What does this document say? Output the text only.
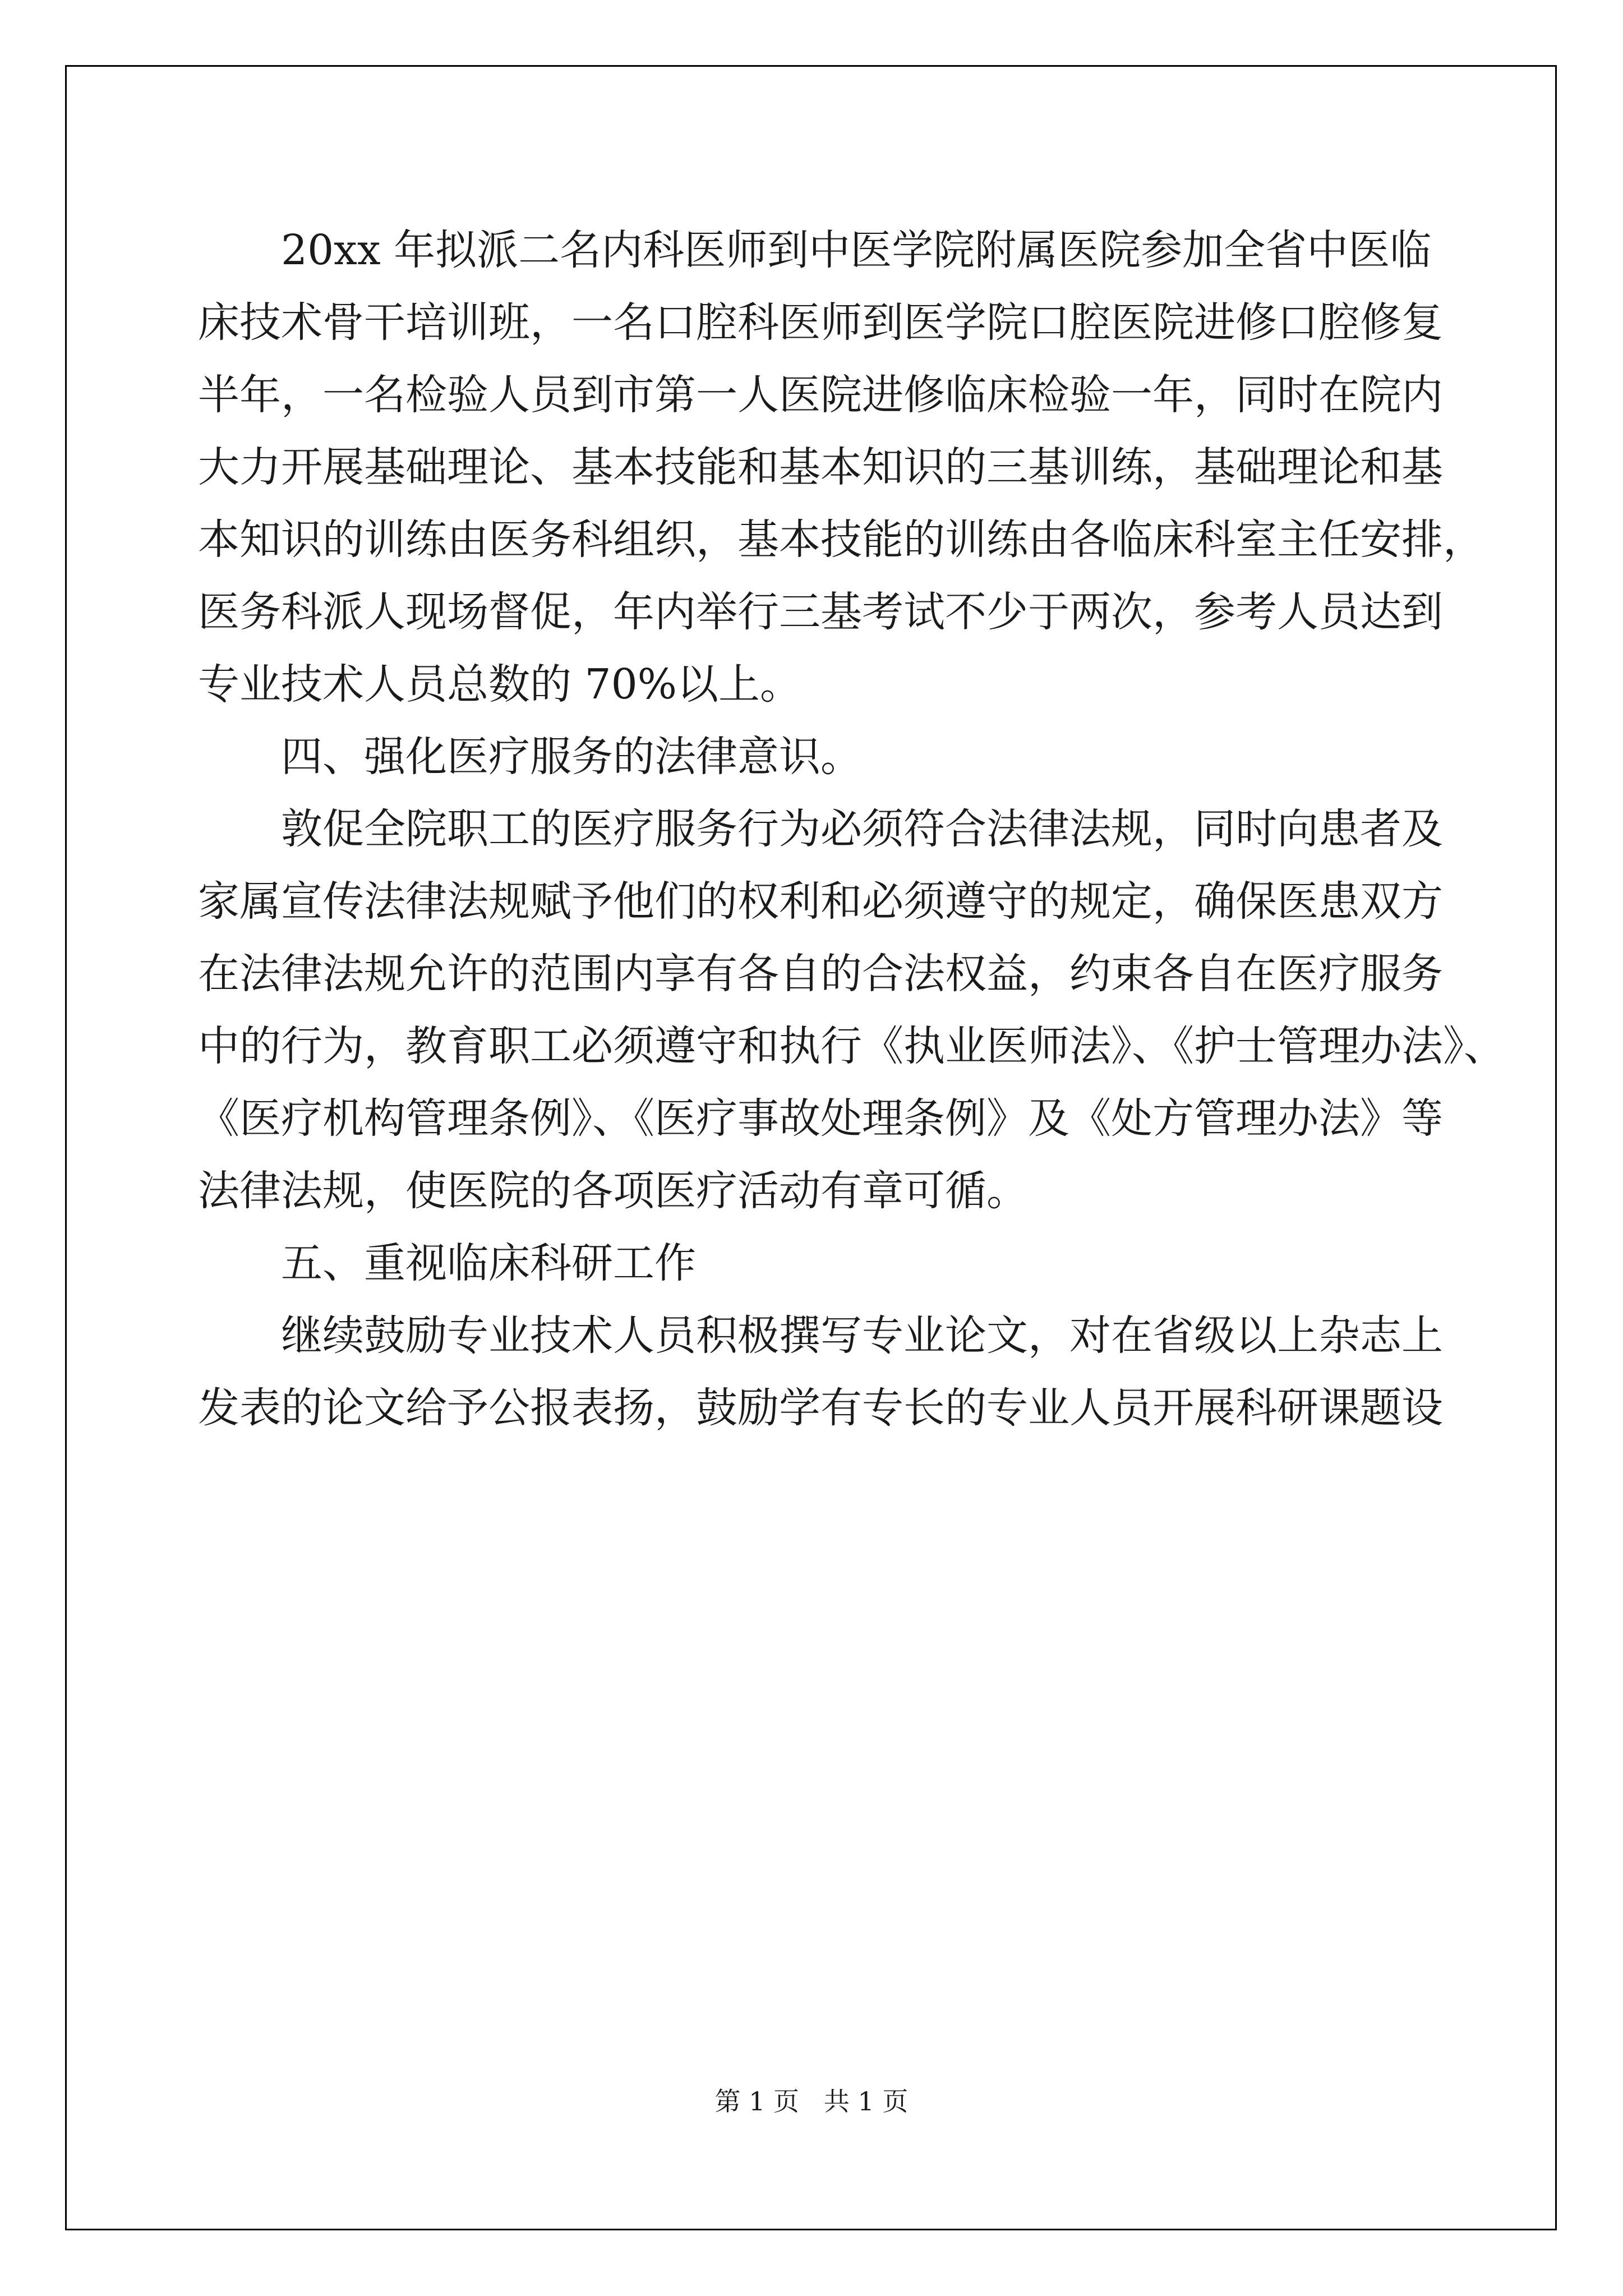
20xx 年拟派二名内科医师到中医学院附属医院参加全省中医临
床技术骨干培训班，一名口腔科医师到医学院口腔医院进修口腔修复
半年，一名检验人员到市第一人医院进修临床检验一年，同时在院内
大力开展基础理论、基本技能和基本知识的三基训练，基础理论和基
本知识的训练由医务科组织，基本技能的训练由各临床科室主任安排，
医务科派人现场督促，年内举行三基考试不少于两次，参考人员达到
专业技术人员总数的 70%以上。
四、强化医疗服务的法律意识。
敦促全院职工的医疗服务行为必须符合法律法规，同时向患者及
家属宣传法律法规赋予他们的权利和必须遵守的规定，确保医患双方
在法律法规允许的范围内享有各自的合法权益，约束各自在医疗服务
中的行为，教育职工必须遵守和执行《执业医师法》、《护士管理办法》、
《医疗机构管理条例》、《医疗事故处理条例》及《处方管理办法》等
法律法规，使医院的各项医疗活动有章可循。
五、重视临床科研工作
继续鼓励专业技术人员积极撰写专业论文，对在省级以上杂志上
发表的论文给予公报表扬，鼓励学有专长的专业人员开展科研课题设
第 1 页   共 1 页
